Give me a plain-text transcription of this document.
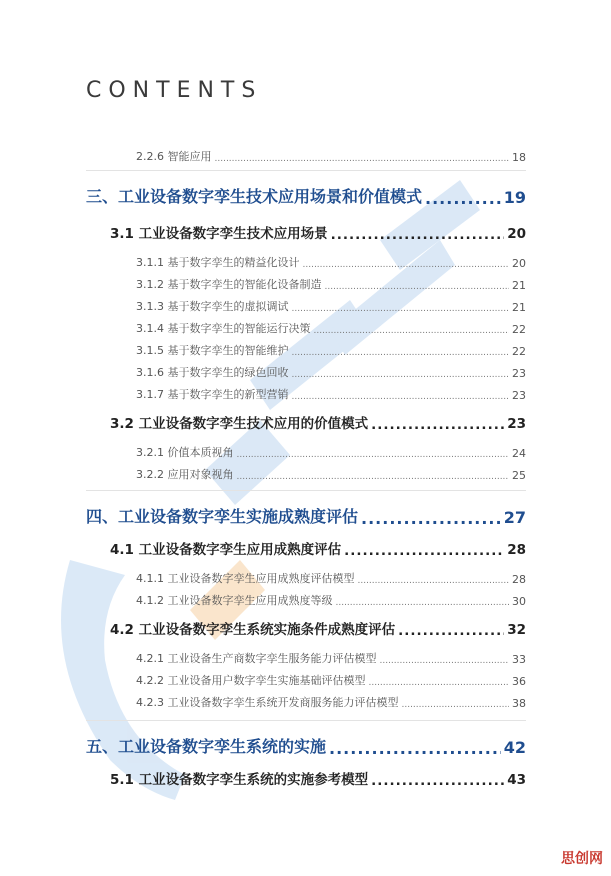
CONTENTS
2.2.6 智能应用 .....	18
三、工业设备数字孪生技术应用场景和价值模式 .....	19
3.1 工业设备数字孪生技术应用场景 .....	20
3.1.1 基于数字孪生的精益化设计 .....	20
3.1.2 基于数字孪生的智能化设备制造 .....	21
3.1.3 基于数字孪生的虚拟调试 .....	21
3.1.4 基于数字孪生的智能运行决策 .....	22
3.1.5 基于数字孪生的智能维护 .....	22
3.1.6 基于数字孪生的绿色回收 .....	23
3.1.7 基于数字孪生的新型营销 .....	23
3.2 工业设备数字孪生技术应用的价值模式 .....	23
3.2.1 价值本质视角 .....	24
3.2.2 应用对象视角 .....	25
四、工业设备数字孪生实施成熟度评估 .....	27
4.1 工业设备数字孪生应用成熟度评估 .....	28
4.1.1 工业设备数字孪生应用成熟度评估模型 .....	28
4.1.2 工业设备数字孪生应用成熟度等级 .....	30
4.2 工业设备数字孪生系统实施条件成熟度评估 .....	32
4.2.1 工业设备生产商数字孪生服务能力评估模型 .....	33
4.2.2 工业设备用户数字孪生实施基础评估模型 .....	36
4.2.3 工业设备数字孪生系统开发商服务能力评估模型 .....	38
五、工业设备数字孪生系统的实施 .....	42
5.1 工业设备数字孪生系统的实施参考模型 .....	43
思创网
